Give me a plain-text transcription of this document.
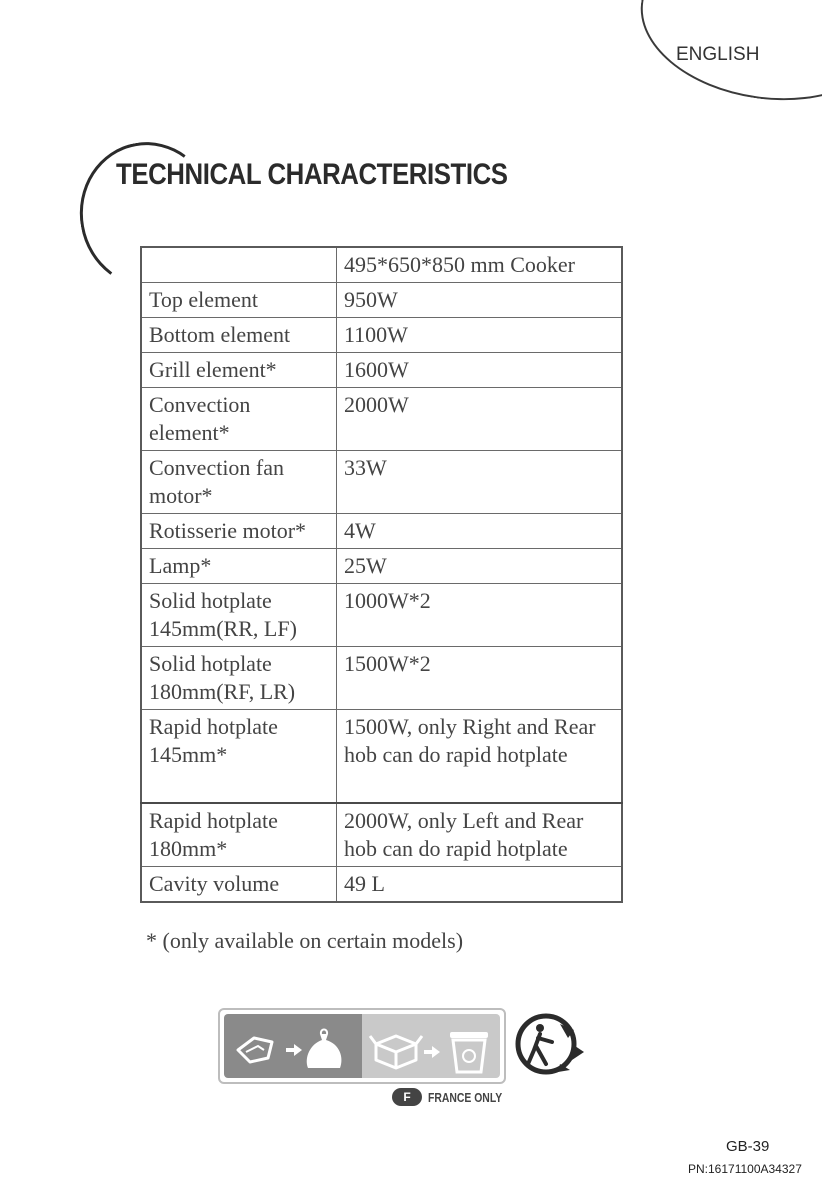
ENGLISH
TECHNICAL CHARACTERISTICS
	495*650*850 mm Cooker
Top element	950W
Bottom element	1100W
Grill element*	1600W
Convection element*	2000W
Convection fan motor*	33W
Rotisserie motor*	4W
Lamp*	25W
Solid hotplate 145mm(RR, LF)	1000W*2
Solid hotplate 180mm(RF, LR)	1500W*2
Rapid hotplate 145mm*	1500W, only Right and Rear hob can do rapid hotplate
Rapid hotplate 180mm*	2000W, only Left and Rear hob can do rapid hotplate
Cavity volume	49 L

* (only available on certain models)

F	FRANCE ONLY
GB-39
PN:16171100A34327
